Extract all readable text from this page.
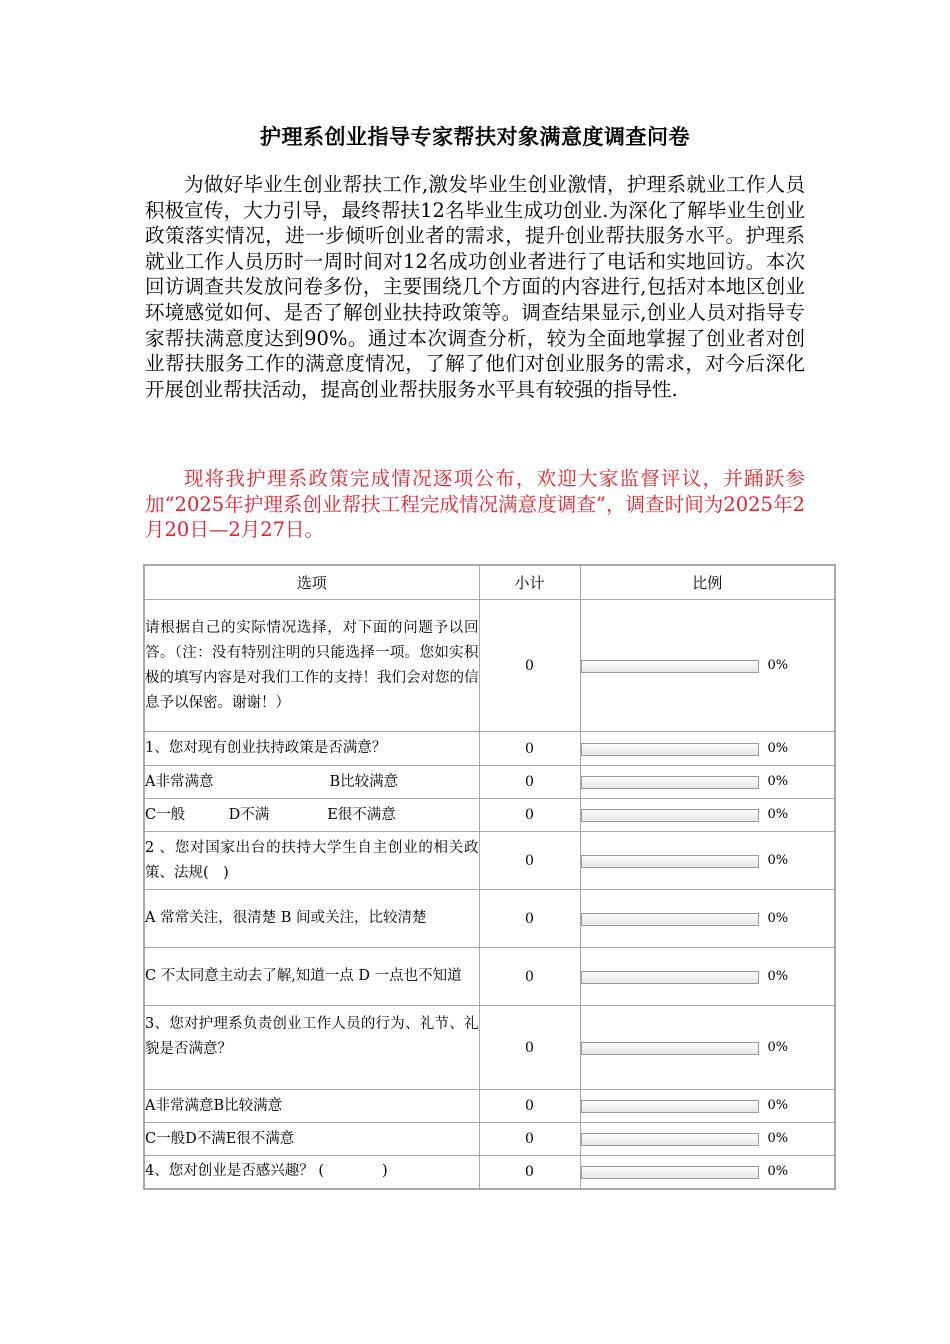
护理系创业指导专家帮扶对象满意度调查问卷

为做好毕业生创业帮扶工作,激发毕业生创业激情，护理系就业工作人员积极宣传，大力引导，最终帮扶12名毕业生成功创业.为深化了解毕业生创业政策落实情况，进一步倾听创业者的需求，提升创业帮扶服务水平。护理系就业工作人员历时一周时间对12名成功创业者进行了电话和实地回访。本次回访调查共发放问卷多份，主要围绕几个方面的内容进行,包括对本地区创业环境感觉如何、是否了解创业扶持政策等。调查结果显示,创业人员对指导专家帮扶满意度达到90%。通过本次调查分析，较为全面地掌握了创业者对创业帮扶服务工作的满意度情况，了解了他们对创业服务的需求，对今后深化开展创业帮扶活动，提高创业帮扶服务水平具有较强的指导性.

现将我护理系政策完成情况逐项公布，欢迎大家监督评议，并踊跃参加“2025年护理系创业帮扶工程完成情况满意度调查”，调查时间为2025年2月20日—2月27日。

选项	小计	比例
请根据自己的实际情况选择，对下面的问题予以回答。（注：没有特别注明的只能选择一项。您如实积极的填写内容是对我们工作的支持！我们会对您的信息予以保密。谢谢！）	0	0%

1、您对现有创业扶持政策是否满意？	0	0%

A非常满意　　　　　　　　B比较满意	0	0%

C一般　　　D不满　　　　E很不满意	0	0%

2 、您对国家出台的扶持大学生自主创业的相关政策、法规(　)	0	0%

A 常常关注，很清楚 B 间或关注，比较清楚	0	0%

C 不太同意主动去了解,知道一点 D 一点也不知道	0	0%

3、您对护理系负责创业工作人员的行为、礼节、礼貌是否满意？	0	0%

A非常满意B比较满意	0	0%

C一般D不满E很不满意	0	0%

4、您对创业是否感兴趣？ (　　　　)	0	0%
